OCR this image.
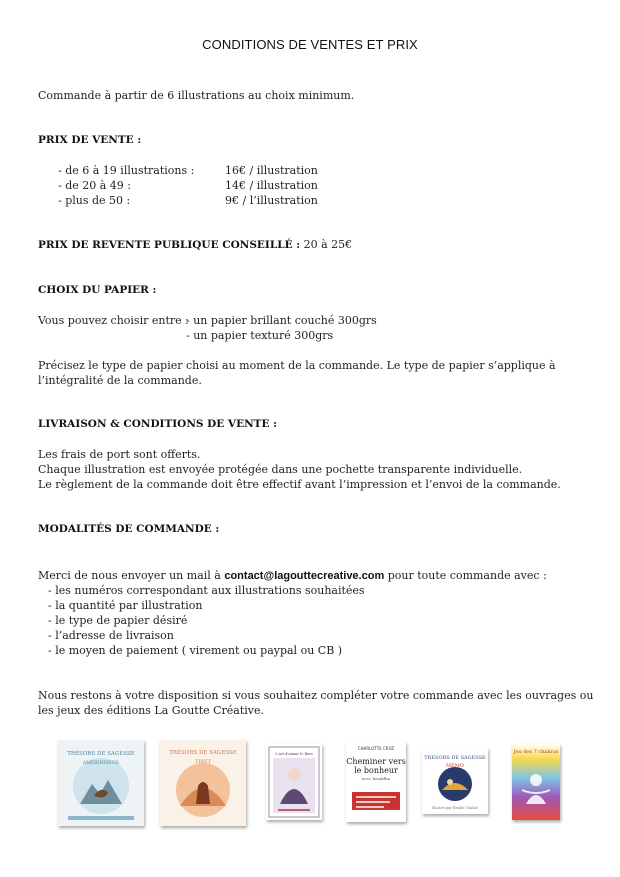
CONDITIONS DE VENTES ET PRIX
Commande à partir de 6 illustrations au choix minimum.
PRIX DE VENTE :
- de 6 à 19 illustrations :	16€ / illustration
- de 20 à 49 :	14€ / illustration
- plus de 50 :	9€ / l’illustration
PRIX DE REVENTE PUBLIQUE CONSEILLÉ : 20 à 25€
CHOIX DU PAPIER :
Vous pouvez choisir entre :
- un papier brillant couché 300grs
- un papier texturé 300grs
Précisez le type de papier choisi au moment de la commande. Le type de papier s’applique à
l’intégralité de la commande.
LIVRAISON & CONDITIONS DE VENTE :
Les frais de port sont offerts.
Chaque illustration est envoyée protégée dans une pochette transparente individuelle.
Le règlement de la commande doit être effectif avant l’impression et l’envoi de la commande.
MODALITÉS DE COMMANDE :
Merci de nous envoyer un mail à contact@lagouttecreative.com pour toute commande avec :
- les numéros correspondant aux illustrations souhaitées
- la quantité par illustration
- le type de papier désiré
- l’adresse de livraison
- le moyen de paiement ( virement ou paypal ou CB )
Nous restons à votre disposition si vous souhaitez compléter votre commande avec les ouvrages ou
les jeux des éditions La Goutte Créative.
TRÉSORS DE SAGESSE
AMÉRINDIENS
TRÉSORS DE SAGESSE
TIBET
L'art d'aimer le Bien
CHARLOTTE CRUZ
Cheminer vers
le bonheur
avec bouddha
TRÉSORS DE SAGESSE
MÉMO
illustré par Émilie Chabat
Jeu des 7 chakras
